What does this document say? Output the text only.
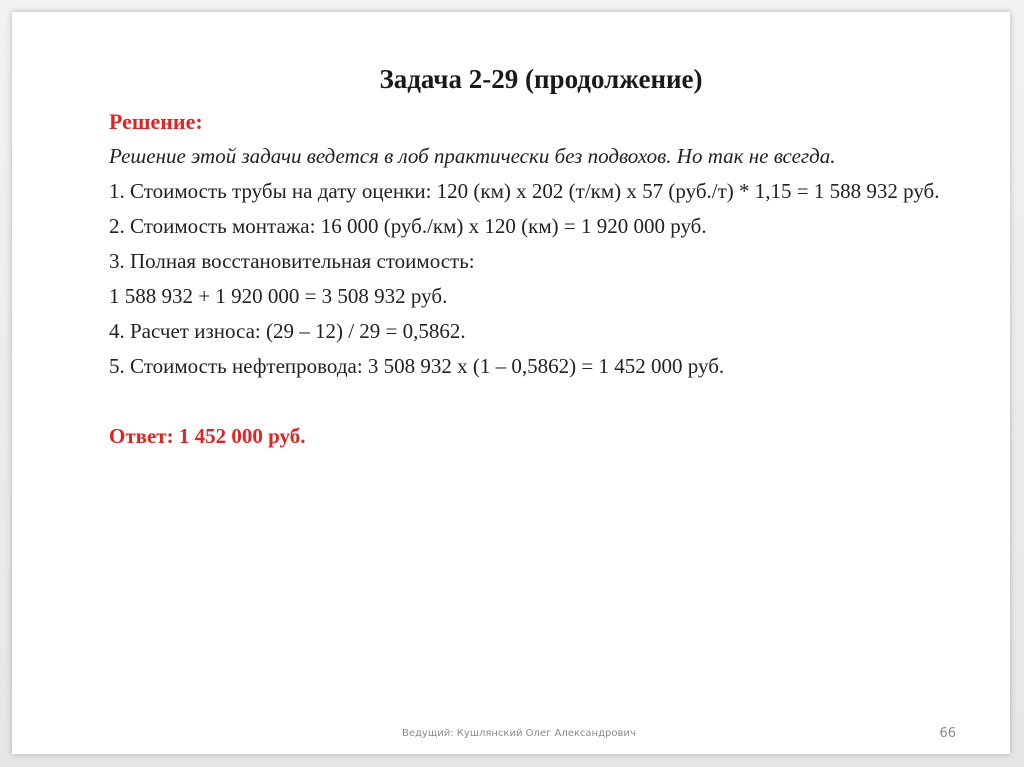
Задача 2-29 (продолжение)
Решение:
Решение этой задачи ведется в лоб практически без подвохов. Но так не всегда.
1. Стоимость трубы на дату оценки: 120 (км) х 202 (т/км) х 57 (руб./т) * 1,15 = 1 588 932 руб.
2. Стоимость монтажа: 16 000 (руб./км) х 120 (км) = 1 920 000 руб.
3. Полная восстановительная стоимость:
1 588 932 + 1 920 000 = 3 508 932 руб.
4. Расчет износа: (29 – 12) / 29 = 0,5862.
5. Стоимость нефтепровода: 3 508 932 х (1 – 0,5862) = 1 452 000 руб.
Ответ: 1 452 000 руб.
Ведущий: Кушлянский Олег Александрович	66
